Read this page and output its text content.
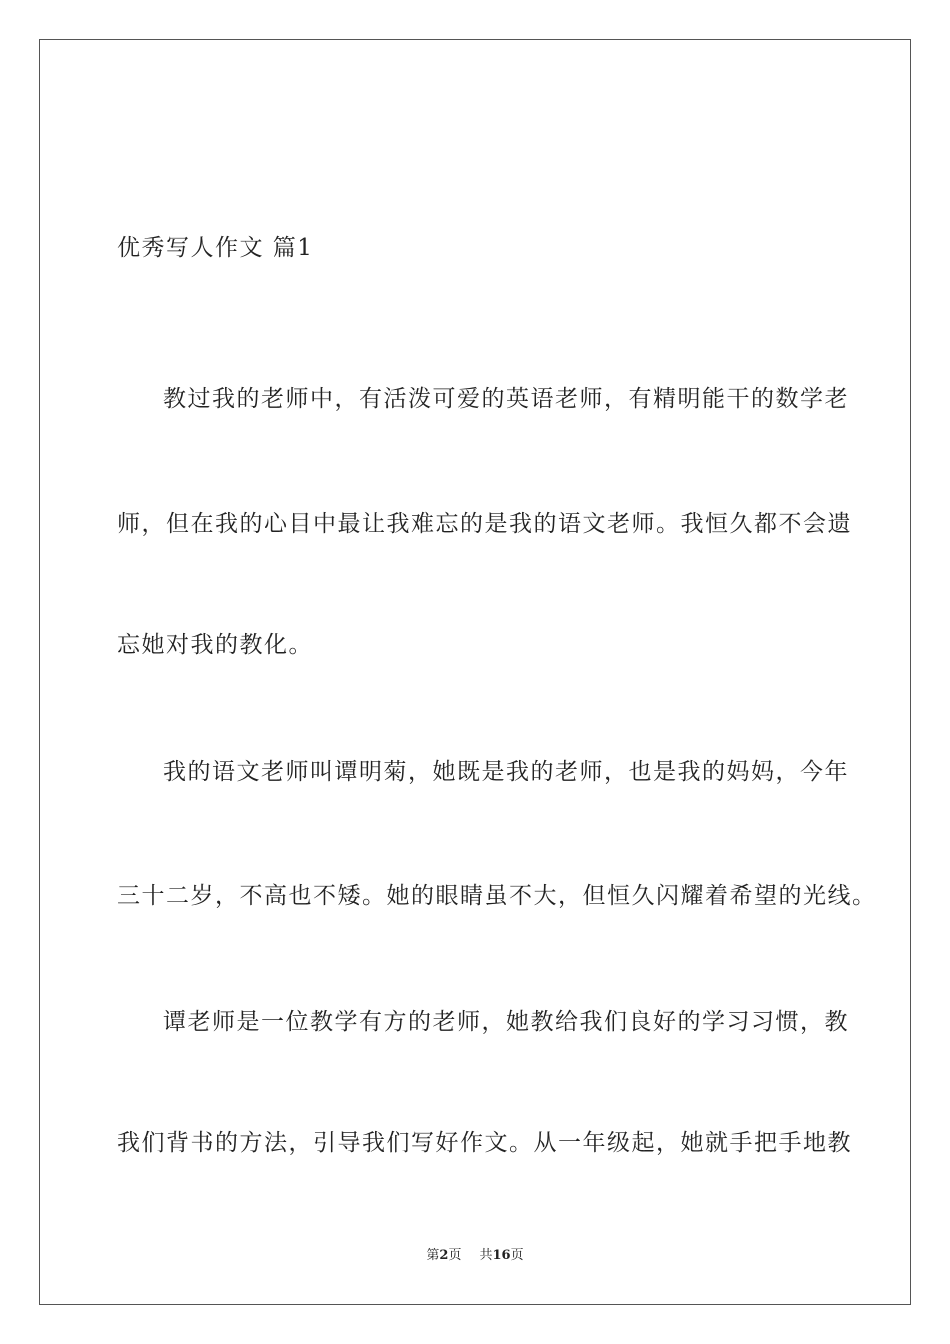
优秀写人作文 篇1
教过我的老师中，有活泼可爱的英语老师，有精明能干的数学老
师，但在我的心目中最让我难忘的是我的语文老师。我恒久都不会遗
忘她对我的教化。
我的语文老师叫谭明菊，她既是我的老师，也是我的妈妈，今年
三十二岁，不高也不矮。她的眼睛虽不大，但恒久闪耀着希望的光线。
谭老师是一位教学有方的老师，她教给我们良好的学习习惯，教
我们背书的方法，引导我们写好作文。从一年级起，她就手把手地教
第2页 共16页
